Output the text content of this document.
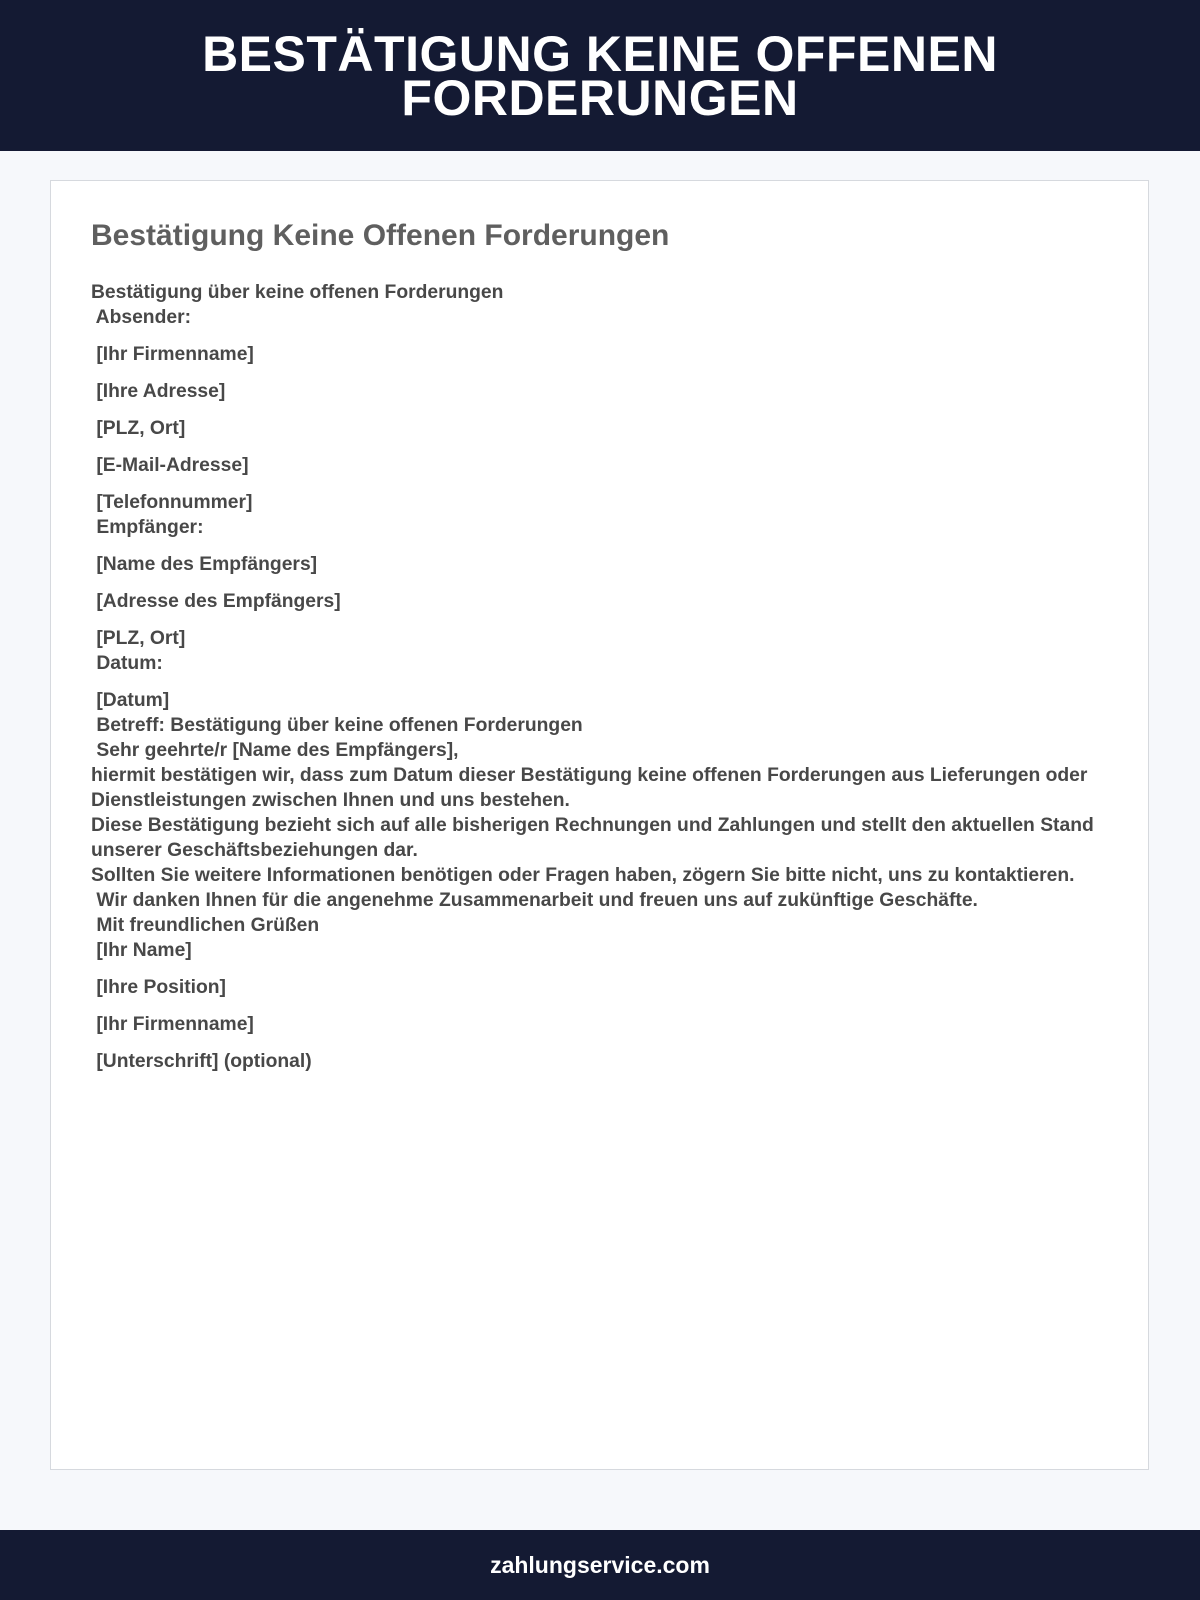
BESTÄTIGUNG KEINE OFFENEN FORDERUNGEN
Bestätigung Keine Offenen Forderungen
Bestätigung über keine offenen Forderungen
Absender:
[Ihr Firmenname]
[Ihre Adresse]
[PLZ, Ort]
[E-Mail-Adresse]
[Telefonnummer]
Empfänger:
[Name des Empfängers]
[Adresse des Empfängers]
[PLZ, Ort]
Datum:
[Datum]
Betreff: Bestätigung über keine offenen Forderungen
Sehr geehrte/r [Name des Empfängers],
hiermit bestätigen wir, dass zum Datum dieser Bestätigung keine offenen Forderungen aus Lieferungen oder Dienstleistungen zwischen Ihnen und uns bestehen.
Diese Bestätigung bezieht sich auf alle bisherigen Rechnungen und Zahlungen und stellt den aktuellen Stand unserer Geschäftsbeziehungen dar.
Sollten Sie weitere Informationen benötigen oder Fragen haben, zögern Sie bitte nicht, uns zu kontaktieren.
Wir danken Ihnen für die angenehme Zusammenarbeit und freuen uns auf zukünftige Geschäfte.
Mit freundlichen Grüßen
[Ihr Name]
[Ihre Position]
[Ihr Firmenname]
[Unterschrift] (optional)
zahlungservice.com
